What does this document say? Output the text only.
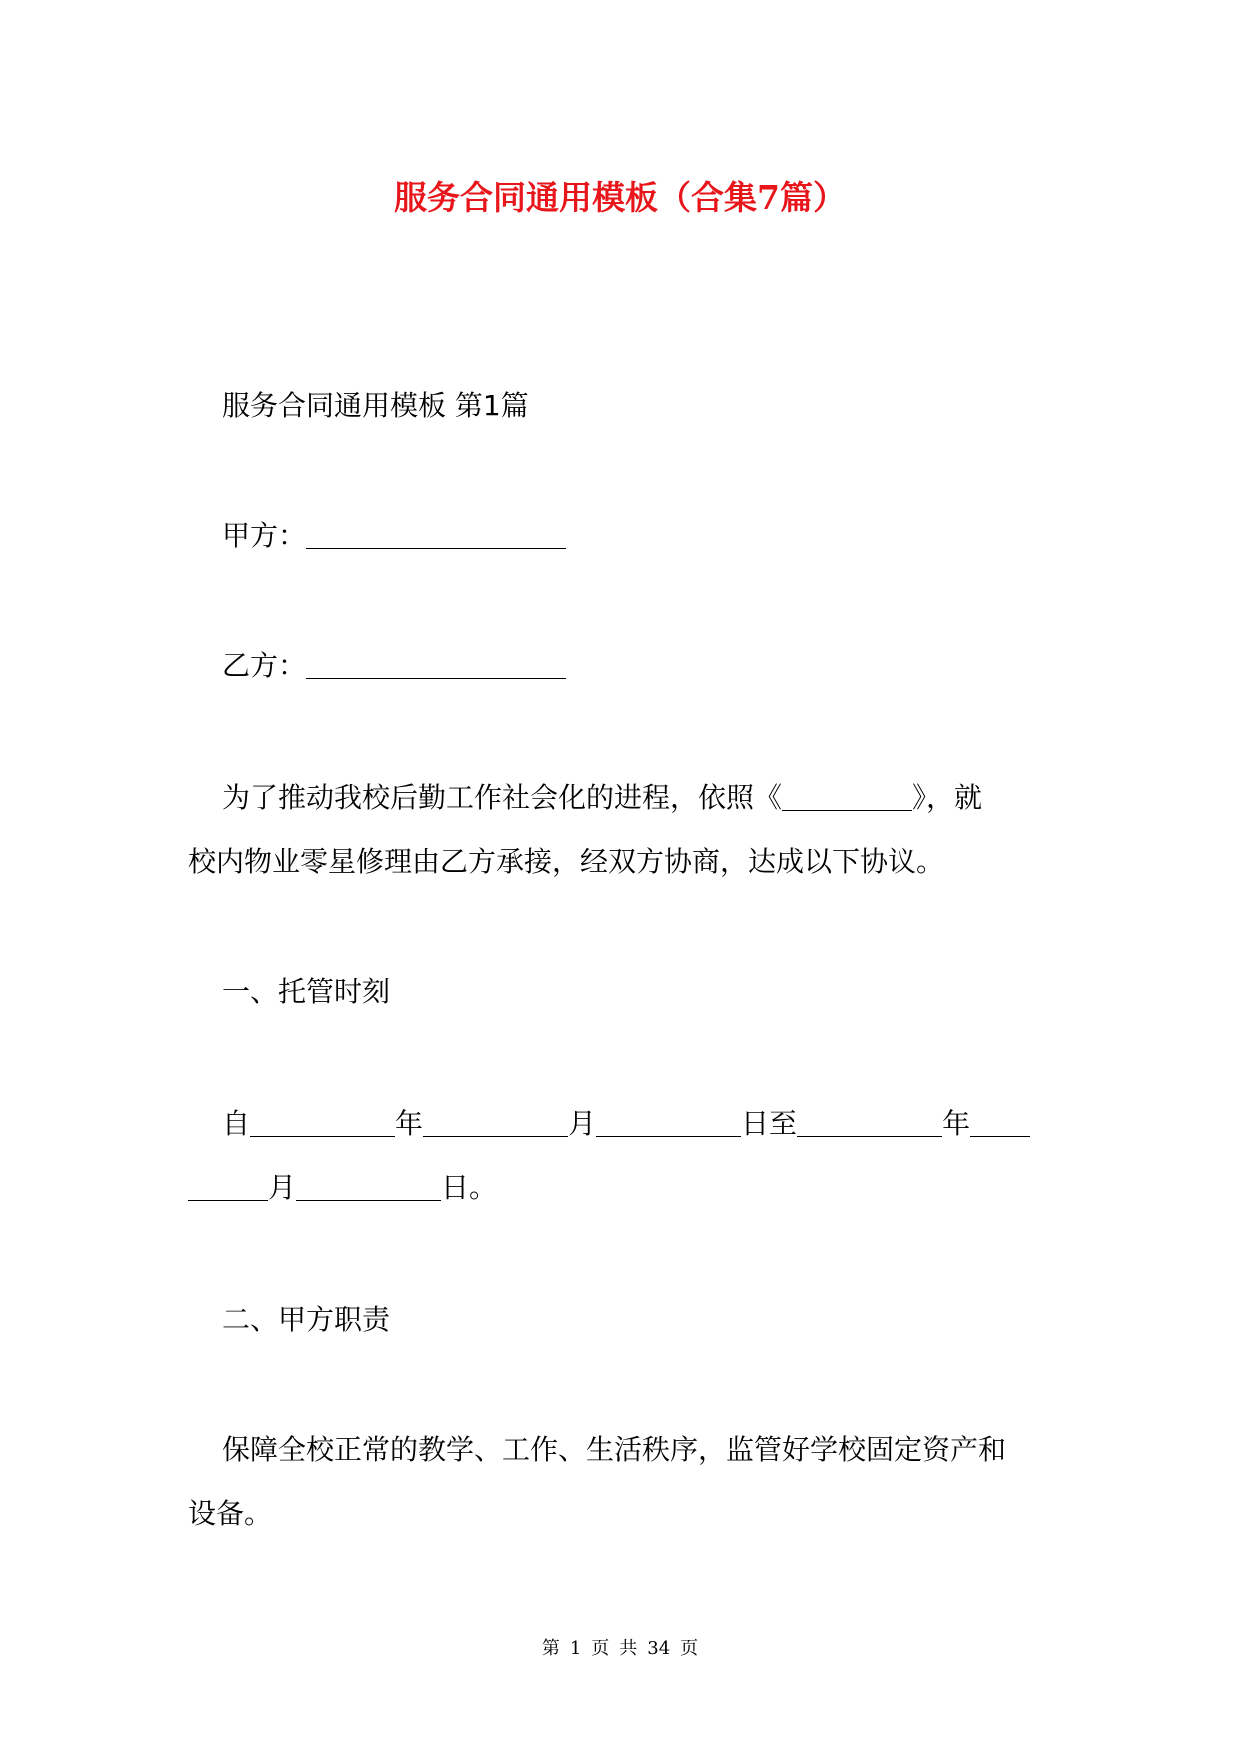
服务合同通用模板（合集7篇）

服务合同通用模板 第1篇

甲方：

乙方：

为了推动我校后勤工作社会化的进程，依照《	》，就

校内物业零星修理由乙方承接，经双方协商，达成以下协议。

一、托管时刻

自	年	月	日至	年

月	日。

二、甲方职责

保障全校正常的教学、工作、生活秩序，监管好学校固定资产和

设备。

第 1 页 共 34 页
